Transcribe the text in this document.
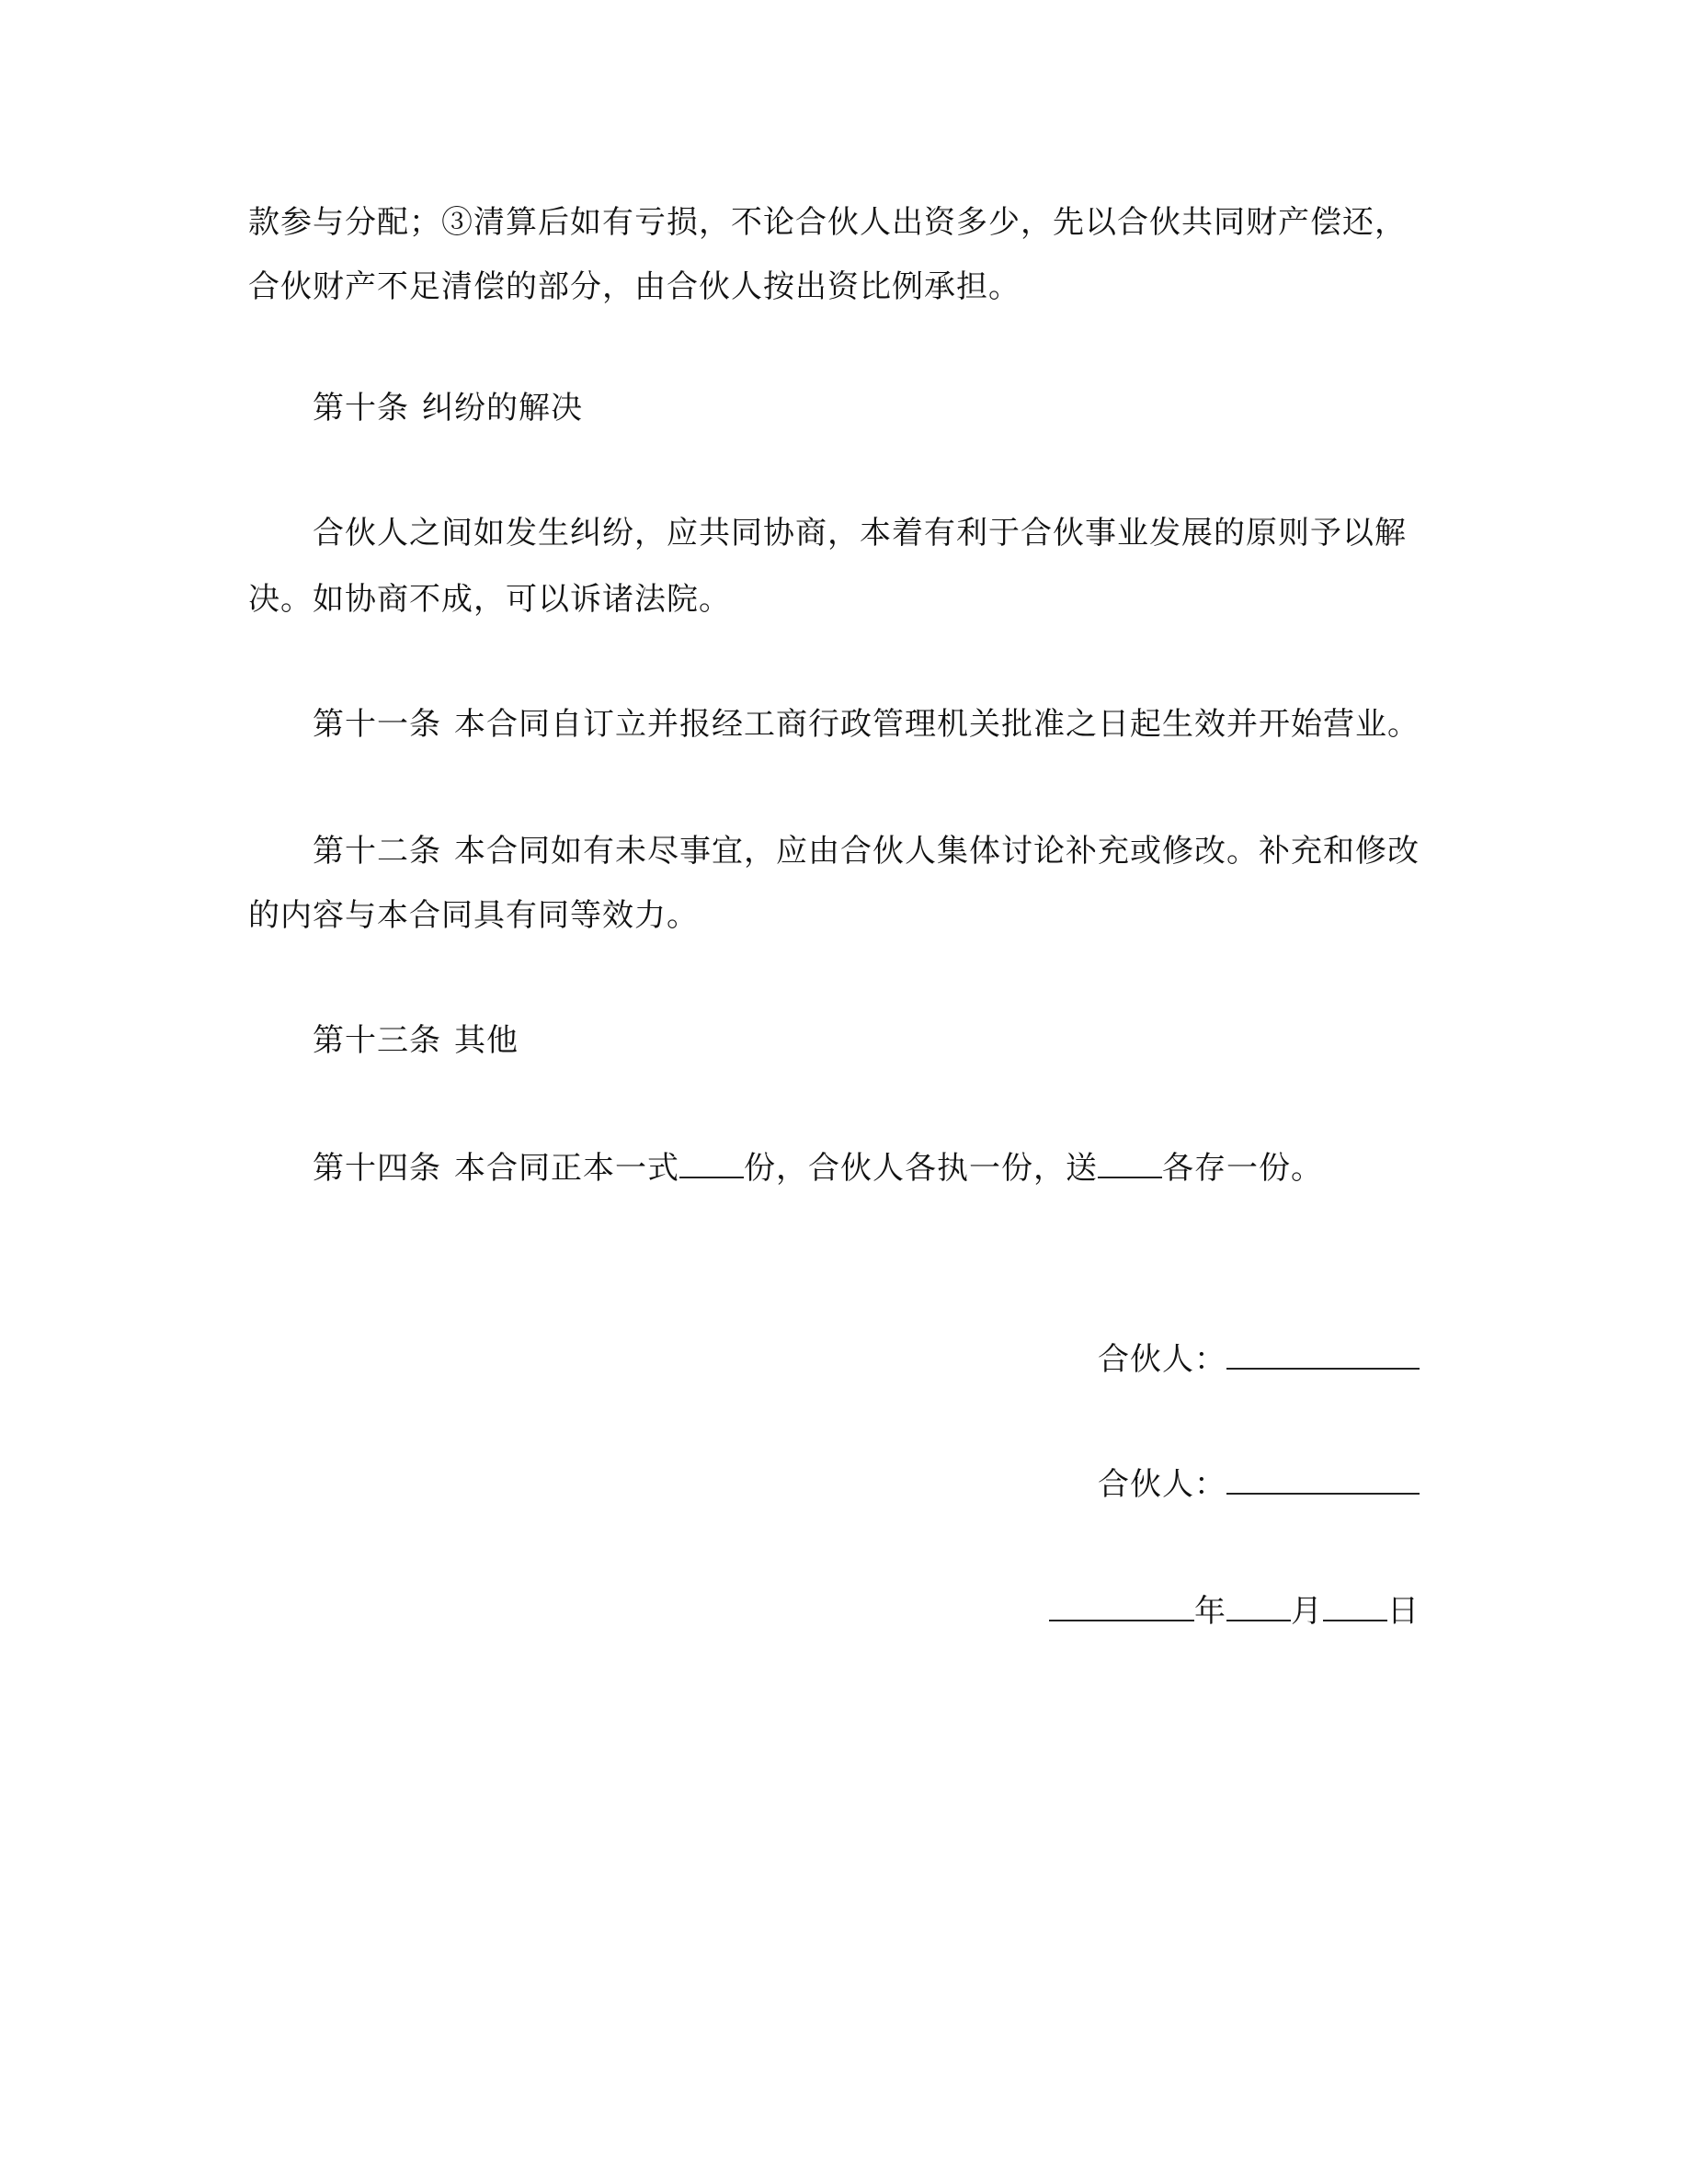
款参与分配；③清算后如有亏损，不论合伙人出资多少，先以合伙共同财产偿还，
合伙财产不足清偿的部分，由合伙人按出资比例承担。
第十条 纠纷的解决
合伙人之间如发生纠纷，应共同协商，本着有利于合伙事业发展的原则予以解
决。如协商不成，可以诉诸法院。
第十一条 本合同自订立并报经工商行政管理机关批准之日起生效并开始营业。
第十二条 本合同如有未尽事宜，应由合伙人集体讨论补充或修改。补充和修改
的内容与本合同具有同等效力。
第十三条 其他
第十四条 本合同正本一式 份，合伙人各执一份，送 各存一份。
合伙人：
合伙人：
年 月 日
